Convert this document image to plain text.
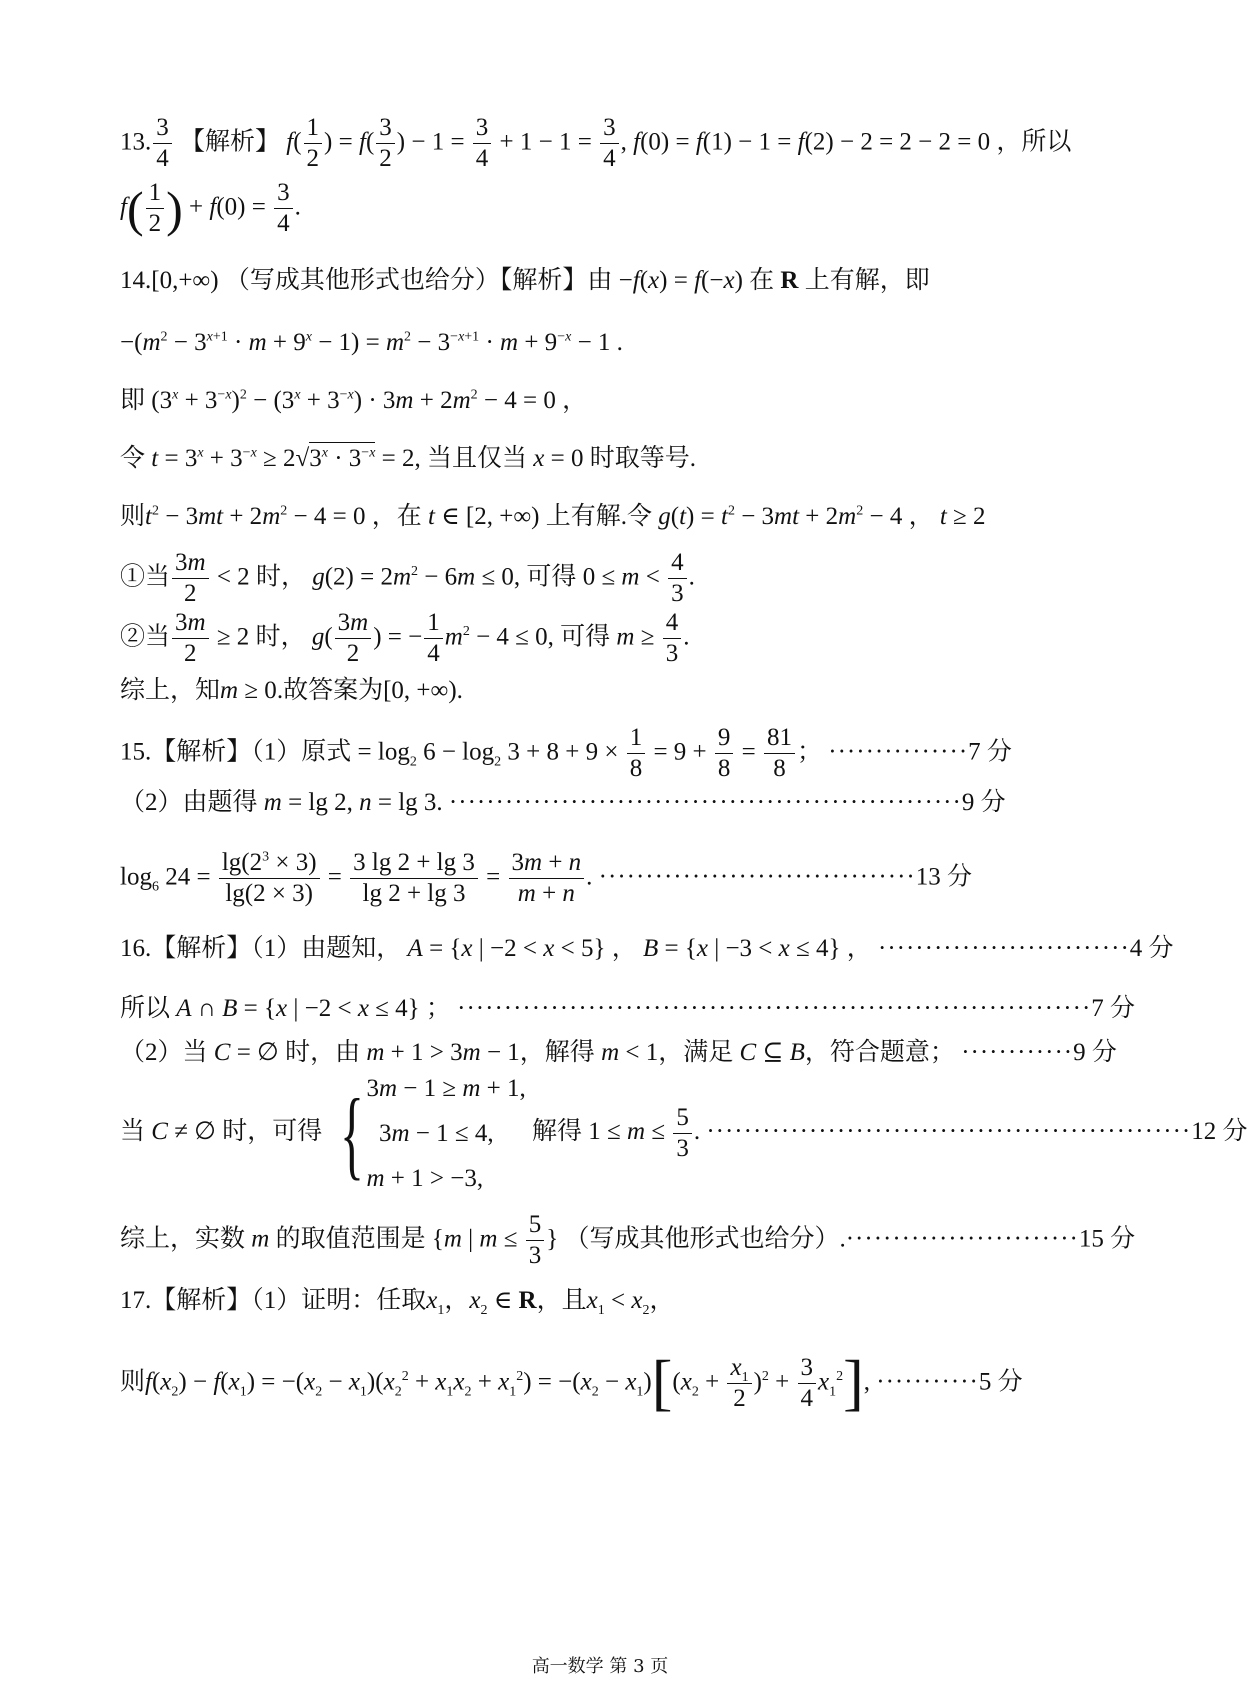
13. $\frac{3}{4}$ 【解析】 $f( \frac{1}{2}$ ) = $f( \frac{3}{2}$ ) − $1 = \frac{3}{4} + 1 - 1 = \frac{3}{4}$ , f(0) = f(1) − 1 = f(2) − 2 = 2 − 2 = 0 ，所以
$f( \frac{1}{2}$ ) + $f(0) = \frac{3}{4}$ .
14.[0,+∞) （写成其他形式也给分）【解析】由 −f(x) = f(−x) 在 R 上有解，即
$-(m^2 - 3^{x+1} \cdot m + 9^x - 1) = m^2 - 3^{-x+1} \cdot m + 9^{-x} - 1$ .
即 $(3^x + 3^{-x})^2 - (3^x + 3^{-x}) \cdot 3m + 2m^2 - 4 = 0$ ，
令 $t = 3^x + 3^{-x} \ge 2√3^x \cdot 3^{-x} = 2$, 当且仅当 x = 0 时取等号.
则$t^2 - 3mt + 2m^2 - 4 = 0$ ，在 t ∈ [2, +∞) 上有解.令 $g(t) = t^2 - 3mt + 2m^2 - 4$ ， t ≥ 2
①当 $\frac{3m}{2} < 2$ 时， $g(2) = 2m^2 - 6m \le 0$, 可得 $0 \le m < \frac{4}{3}$ .
②当 $\frac{3m}{2} \ge 2$ 时， $g( \frac{3m}{2}$ ) = − $\frac{1}{4} m^2 - 4 \le 0$, 可得 $m \ge \frac{4}{3}$ .
综上，知m ≥ 0.故答案为[0, +∞).
15.【解析】（1）原式 = $\log_2 6 - \log_2 3 + 8 + 9 \times \frac{1}{8} = 9 + \frac{9}{8} = \frac{81}{8}$ ； ···············7 分
（2）由题得 m = lg 2, n = lg 3. ·······················································9 分
$\log_6 24 = \frac{\lg(2^3 \times 3)}{\lg(2 \times 3)} = \frac{3 \lg 2 + \lg 3}{\lg 2 + \lg 3} = \frac{3m + n}{m + n}$ . ··································13 分
16.【解析】（1）由题知， A = {x | −2 < x < 5} ， B = {x | −3 < x ≤ 4} ， ···························4 分
所以 A ∩ B = {x | −2 < x ≤ 4} ； ····································································7 分
（2）当 C = ∅ 时，由 m + 1 > 3m − 1，解得 m < 1，满足 C ⊆ B，符合题意； ············9 分
当 C ≠ ∅ 时，可得 { 3m − 1 ≥ m + 1,
3m − 1 ≤ 4,
m + 1 > −3,
解得 $1 \le m \le \frac{5}{3}$ . ····················································12 分
综上，实数 m 的取值范围是 {m | $m \le \frac{5}{3}$ } （写成其他形式也给分）.·························15 分
17.【解析】（1）证明：任取$x_1$，$x_2$ ∈ R，且$x_1 < x_2$，
则$f(x_2) - f(x_1) = -(x_2 - x_1)(x_2^2 + x_1x_2 + x_1^2) = -(x_2 - x_1)[(x_2 + \frac{x_1}{2} )^2 + \frac{3}{4} x_1^2]$, ···········5 分
高一数学 第 3 页
